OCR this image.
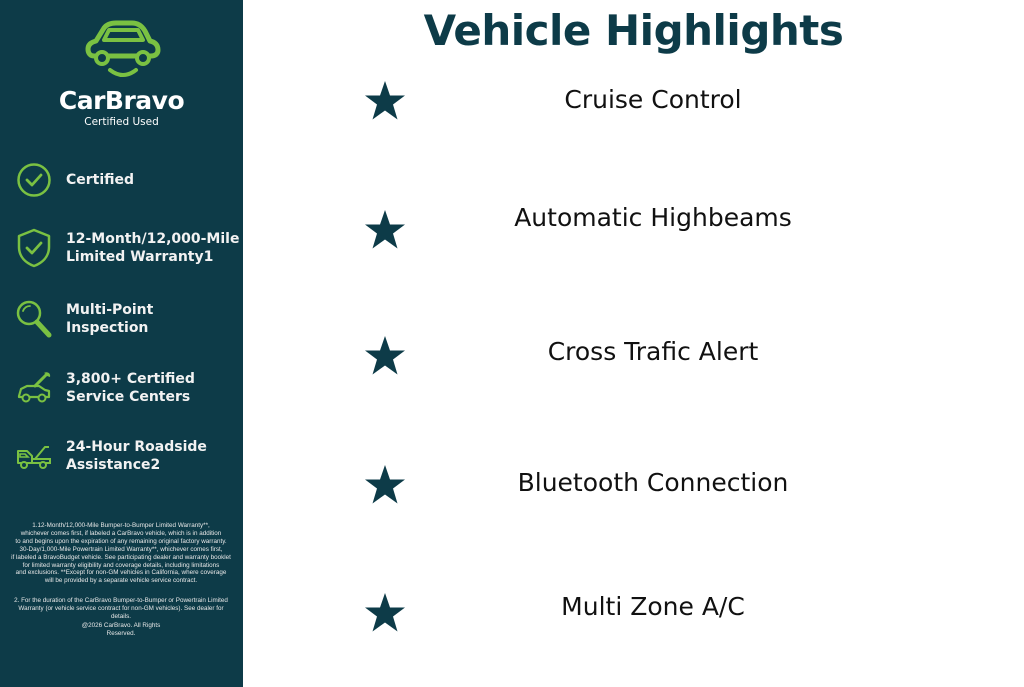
CarBravo
Certified Used
Certified
12-Month/12,000-Mile
Limited Warranty1
Multi-Point
Inspection
3,800+ Certified
Service Centers
24-Hour Roadside
Assistance2
1.12-Month/12,000-Mile Bumper-to-Bumper Limited Warranty**,
whichever comes first, if labeled a CarBravo vehicle, which is in addition
to and begins upon the expiration of any remaining original factory warranty.
30-Day/1,000-Mile Powertrain Limited Warranty**, whichever comes first,
if labeled a BravoBudget vehicle. See participating dealer and warranty booklet
for limited warranty eligibility and coverage details, including limitations
and exclusions. **Except for non-GM vehicles in California, where coverage
will be provided by a separate vehicle service contract.
2. For the duration of the CarBravo Bumper-to-Bumper or Powertrain Limited
Warranty (or vehicle service contract for non-GM vehicles). See dealer for
details.
@2026 CarBravo. All Rights
Reserved.
Vehicle Highlights
Cruise Control
Automatic Highbeams
Cross Trafic Alert
Bluetooth Connection
Multi Zone A/C
